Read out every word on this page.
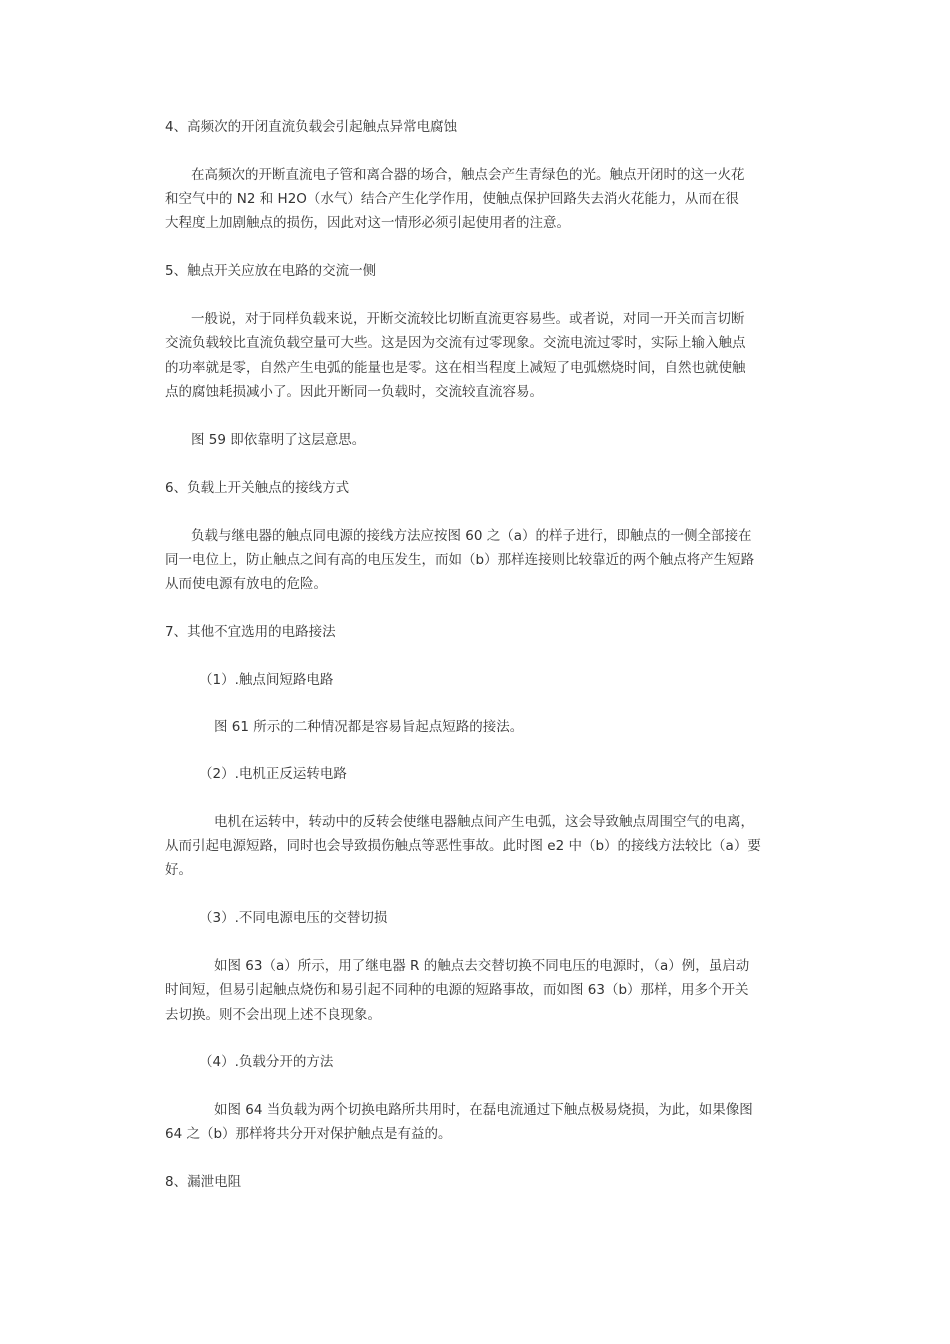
4、高频次的开闭直流负载会引起触点异常电腐蚀
在高频次的开断直流电子管和离合器的场合，触点会产生青绿色的光。触点开闭时的这一火花
和空气中的 N2 和 H2O（水气）结合产生化学作用，使触点保护回路失去消火花能力，从而在很
大程度上加剧触点的损伤，因此对这一情形必须引起使用者的注意。
5、触点开关应放在电路的交流一侧
一般说，对于同样负载来说，开断交流较比切断直流更容易些。或者说，对同一开关而言切断
交流负载较比直流负载空量可大些。这是因为交流有过零现象。交流电流过零时，实际上输入触点
的功率就是零，自然产生电弧的能量也是零。这在相当程度上减短了电弧燃烧时间，自然也就使触
点的腐蚀耗损减小了。因此开断同一负载时，交流较直流容易。
图 59 即依靠明了这层意思。
6、负载上开关触点的接线方式
负载与继电器的触点同电源的接线方法应按图 60 之（a）的样子进行，即触点的一侧全部接在
同一电位上，防止触点之间有高的电压发生，而如（b）那样连接则比较靠近的两个触点将产生短路
从而使电源有放电的危险。
7、其他不宜选用的电路接法
（1）.触点间短路电路
图 61 所示的二种情况都是容易旨起点短路的接法。
（2）.电机正反运转电路
电机在运转中，转动中的反转会使继电器触点间产生电弧，这会导致触点周围空气的电离，
从而引起电源短路，同时也会导致损伤触点等恶性事故。此时图 e2 中（b）的接线方法较比（a）要
好。
（3）.不同电源电压的交替切损
如图 63（a）所示，用了继电器 R 的触点去交替切换不同电压的电源时，（a）例，虽启动
时间短，但易引起触点烧伤和易引起不同种的电源的短路事故，而如图 63（b）那样，用多个开关
去切换。则不会出现上述不良现象。
（4）.负载分开的方法
如图 64 当负载为两个切换电路所共用时，在磊电流通过下触点极易烧损，为此，如果像图
64 之（b）那样将共分开对保护触点是有益的。
8、漏泄电阻
